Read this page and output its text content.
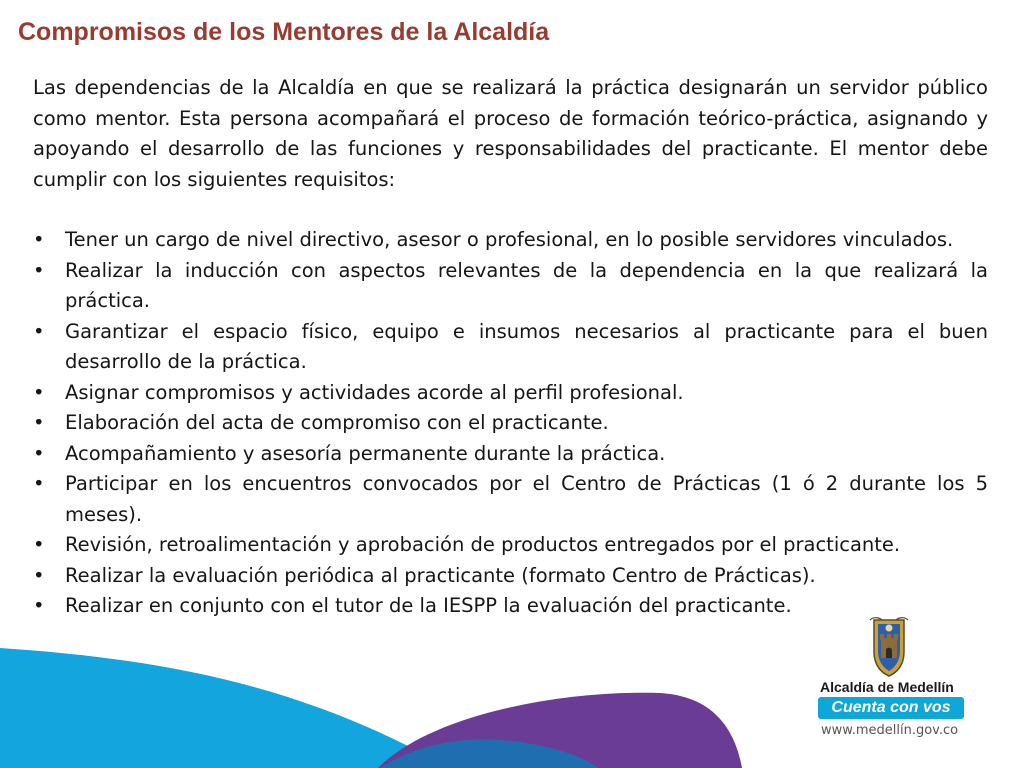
Compromisos de los Mentores de la Alcaldía

Las dependencias de la Alcaldía en que se realizará la práctica designarán un servidor público como mentor. Esta persona acompañará el proceso de formación teórico-práctica, asignando y apoyando el desarrollo de las funciones y responsabilidades del practicante. El mentor debe cumplir con los siguientes requisitos:

•	Tener un cargo de nivel directivo, asesor o profesional, en lo posible servidores vinculados.
•	Realizar la inducción con aspectos relevantes de la dependencia en la que realizará la práctica.
•	Garantizar el espacio físico, equipo e insumos necesarios al practicante para el buen desarrollo de la práctica.
•	Asignar compromisos y actividades acorde al perfil profesional.
•	Elaboración del acta de compromiso con el practicante.
•	Acompañamiento y asesoría permanente durante la práctica.
•	Participar en los encuentros convocados por el Centro de Prácticas (1 ó 2 durante los 5 meses).
•	Revisión, retroalimentación y aprobación de productos entregados por el practicante.
•	Realizar la evaluación periódica al practicante (formato Centro de Prácticas).
•	Realizar en conjunto con el tutor de la IESPP la evaluación del practicante.
Alcaldía de Medellín
Cuenta con vos
www.medellín.gov.co
